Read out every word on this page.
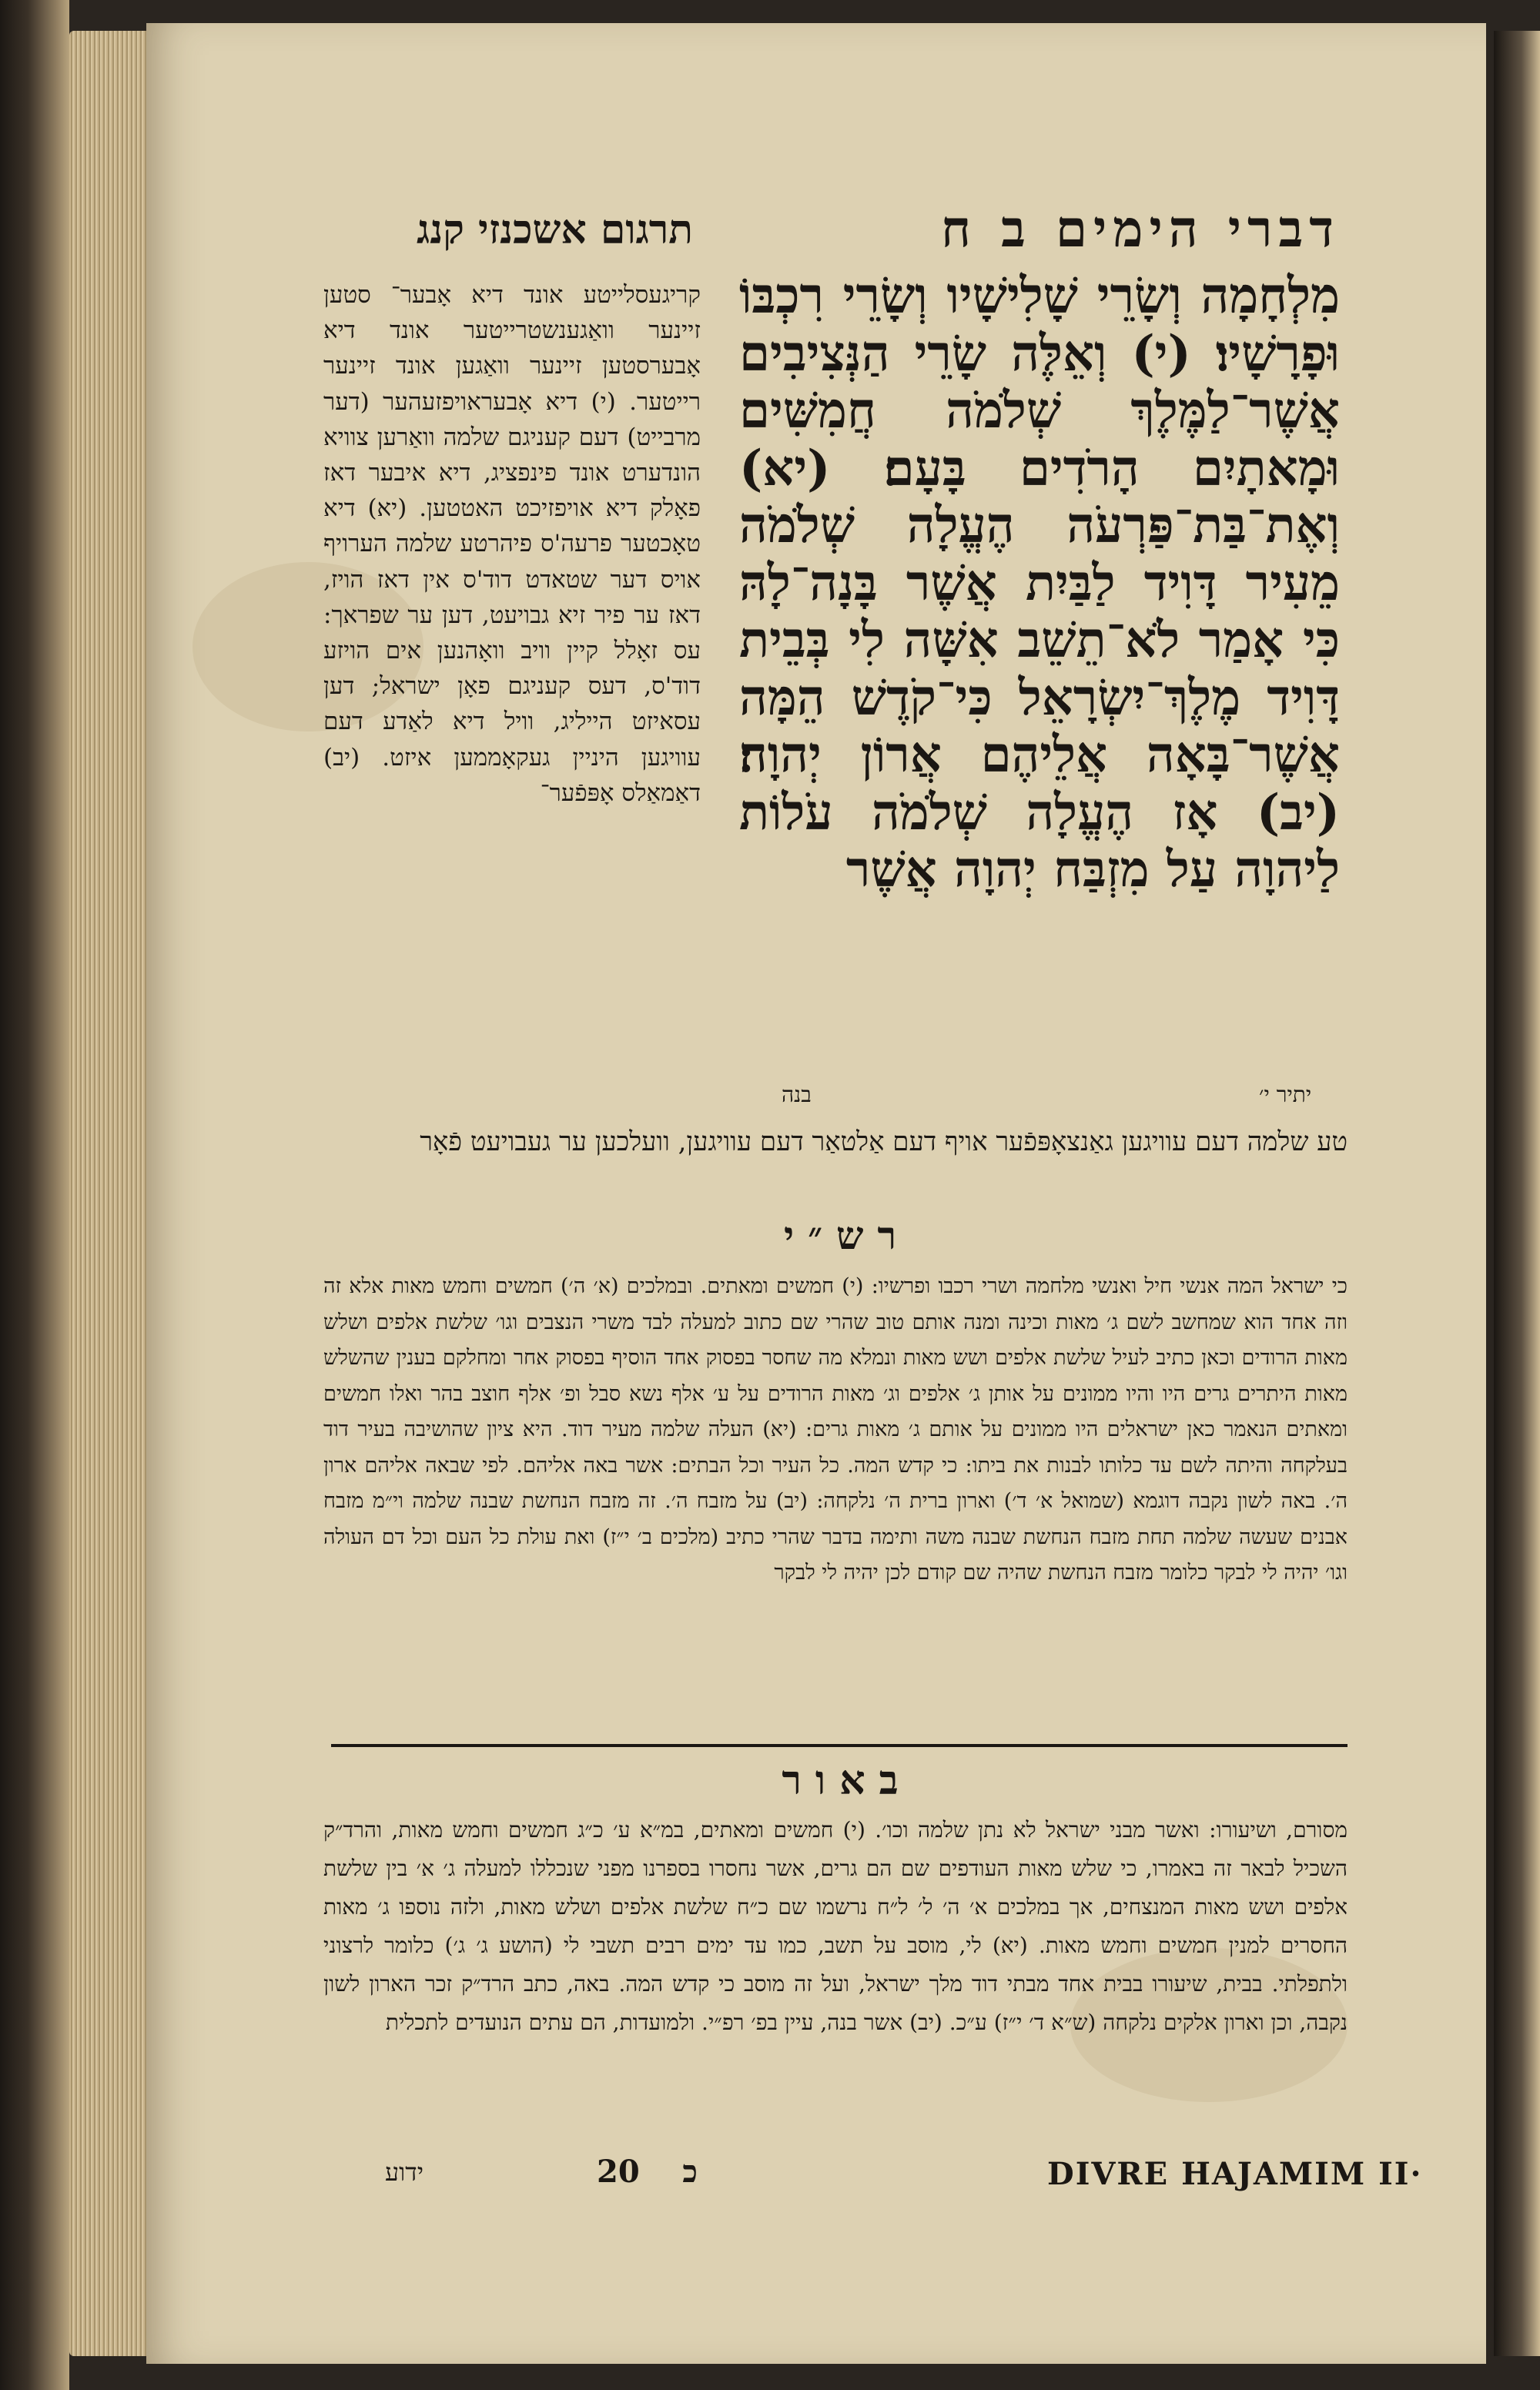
דברי הימים ב ח
תרגום אשכנזי קנג
קריגעסלייטע אונד דיא אָבער־ סטען זיינער וואַגענשטרייטער אונד דיא אָבערסטען זיינער וואַגען אונד זיינער רייטער. (י) דיא אָבעראויפזעהער (דער מרבייט) דעם קעניגם שלמה וואַרען צוויא הונדערט אונד פינפציג, דיא איבער דאז פאָלק דיא אויפזיכט האטטען. (יא) דיא טאָכטער פרעה'ס פיהרטע שלמה הערויף אויס דער שטאדט דוד'ס אין דאז הויז, דאז ער פיר זיא גבויעט, דען ער שפראך: עס זאָלל קיין וויב וואָהנען אים הויזע דוד'ס, דעס קעניגם פאָן ישראל; דען עסאיזט הייליג, וויל דיא לאַדע דעם עוויגען היניין געקאָממען איזט. (יב) דאַמאַלס אָפּפֿער־
מִלְחָמָה וְשָׂרֵי שָׁלִישָׁיו וְשָׂרֵי רִכְבּוֹ וּפָרָשָׁיו׃ (י) וְאֵלֶּה שָׂרֵי הַנְּצִיבִים אֲשֶׁר־לַמֶּלֶךְ שְׁלֹמֹה חֲמִשִּׁים וּמָאתָיִם הָרֹדִים בָּעָם׃ (יא) וְאֶת־בַּת־פַּרְעֹה הֶעֱלָה שְׁלֹמֹה מֵעִיר דָּוִיד לַבַּיִת אֲשֶׁר בָּנָה־לָהּ כִּי אָמַר לֹא־תֵשֵׁב אִשָּׁה לִי בְּבֵית דָּוִיד מֶלֶךְ־יִשְׂרָאֵל כִּי־קֹדֶשׁ הֵמָּה אֲשֶׁר־בָּאָה אֲלֵיהֶם אֲרוֹן יְהוָה׃ (יב) אָז הֶעֱלָה שְׁלֹמֹה עֹלוֹת לַיהוָה עַל מִזְבַּח יְהוָה אֲשֶׁר
בנה	יתיר י׳
טע שלמה דעם עוויגען גאַנצאָפּפֿער אויף דעם אַלטאַר דעם עוויגען, וועלכען ער געבויעט פֿאָר
רש״י
כי ישראל המה אנשי חיל ואנשי מלחמה ושרי רכבו ופרשיו: (י) חמשים ומאתים. ובמלכים (א׳ ה׳) חמשים וחמש מאות אלא זה וזה אחד הוא שמחשב לשם ג׳ מאות וכינה ומנה אותם טוב שהרי שם כתוב למעלה לבד משרי הנצבים וגו׳ שלשת אלפים ושלש מאות הרודים וכאן כתיב לעיל שלשת אלפים ושש מאות ונמלא מה שחסר בפסוק אחד הוסיף בפסוק אחר ומחלקם בענין שהשלש מאות היתרים גרים היו והיו ממונים על אותן ג׳ אלפים וג׳ מאות הרודים על ע׳ אלף נשא סבל ופ׳ אלף חוצב בהר ואלו חמשים ומאתים הנאמר כאן ישראלים היו ממונים על אותם ג׳ מאות גרים: (יא) העלה שלמה מעיר דוד. היא ציון שהושיבה בעיר דוד בעלקחה והיתה לשם עד כלותו לבנות את ביתו: כי קדש המה. כל העיר וכל הבתים: אשר באה אליהם. לפי שבאה אליהם ארון ה׳. באה לשון נקבה דוגמא (שמואל א׳ ד׳) וארון ברית ה׳ נלקחה: (יב) על מזבח ה׳. זה מזבח הנחשת שבנה שלמה וי״מ מזבח אבנים שעשה שלמה תחת מזבח הנחשת שבנה משה ותימה בדבר שהרי כתיב (מלכים ב׳ י״ז) ואת עולת כל העם וכל דם העולה וגו׳ יהיה לי לבקר כלומר מזבח הנחשת שהיה שם קודם לכן יהיה לי לבקר
באור
מסורם, ושיעורו: ואשר מבני ישראל לא נתן שלמה וכו׳. (י) חמשים ומאתים, במ״א ע׳ כ״ג חמשים וחמש מאות, והרד״ק השכיל לבאר זה באמרו, כי שלש מאות העודפים שם הם גרים, אשר נחסרו בספרנו מפני שנכללו למעלה ג׳ א׳ בין שלשת אלפים ושש מאות המנצחים, אך במלכים א׳ ה׳ ל׳ ל״ח נרשמו שם כ״ח שלשת אלפים ושלש מאות, ולזה נוספו ג׳ מאות החסרים למנין חמשים וחמש מאות. (יא) לי, מוסב על תשב, כמו עד ימים רבים תשבי לי (הושע ג׳ ג׳) כלומר לרצוני ולתפלתי. בבית, שיעורו בבית אחד מבתי דוד מלך ישראל, ועל זה מוסב כי קדש המה. באה, כתב הרד״ק זכר הארון לשון נקבה, וכן וארון אלקים נלקחה (ש״א ד׳ י״ז) ע״כ. (יב) אשר בנה, עיין בפ׳ רפ״י. ולמועדות, הם עתים הנועדים לתכלית
DIVRE HAJAMIM II·
20 כ
ידוע
